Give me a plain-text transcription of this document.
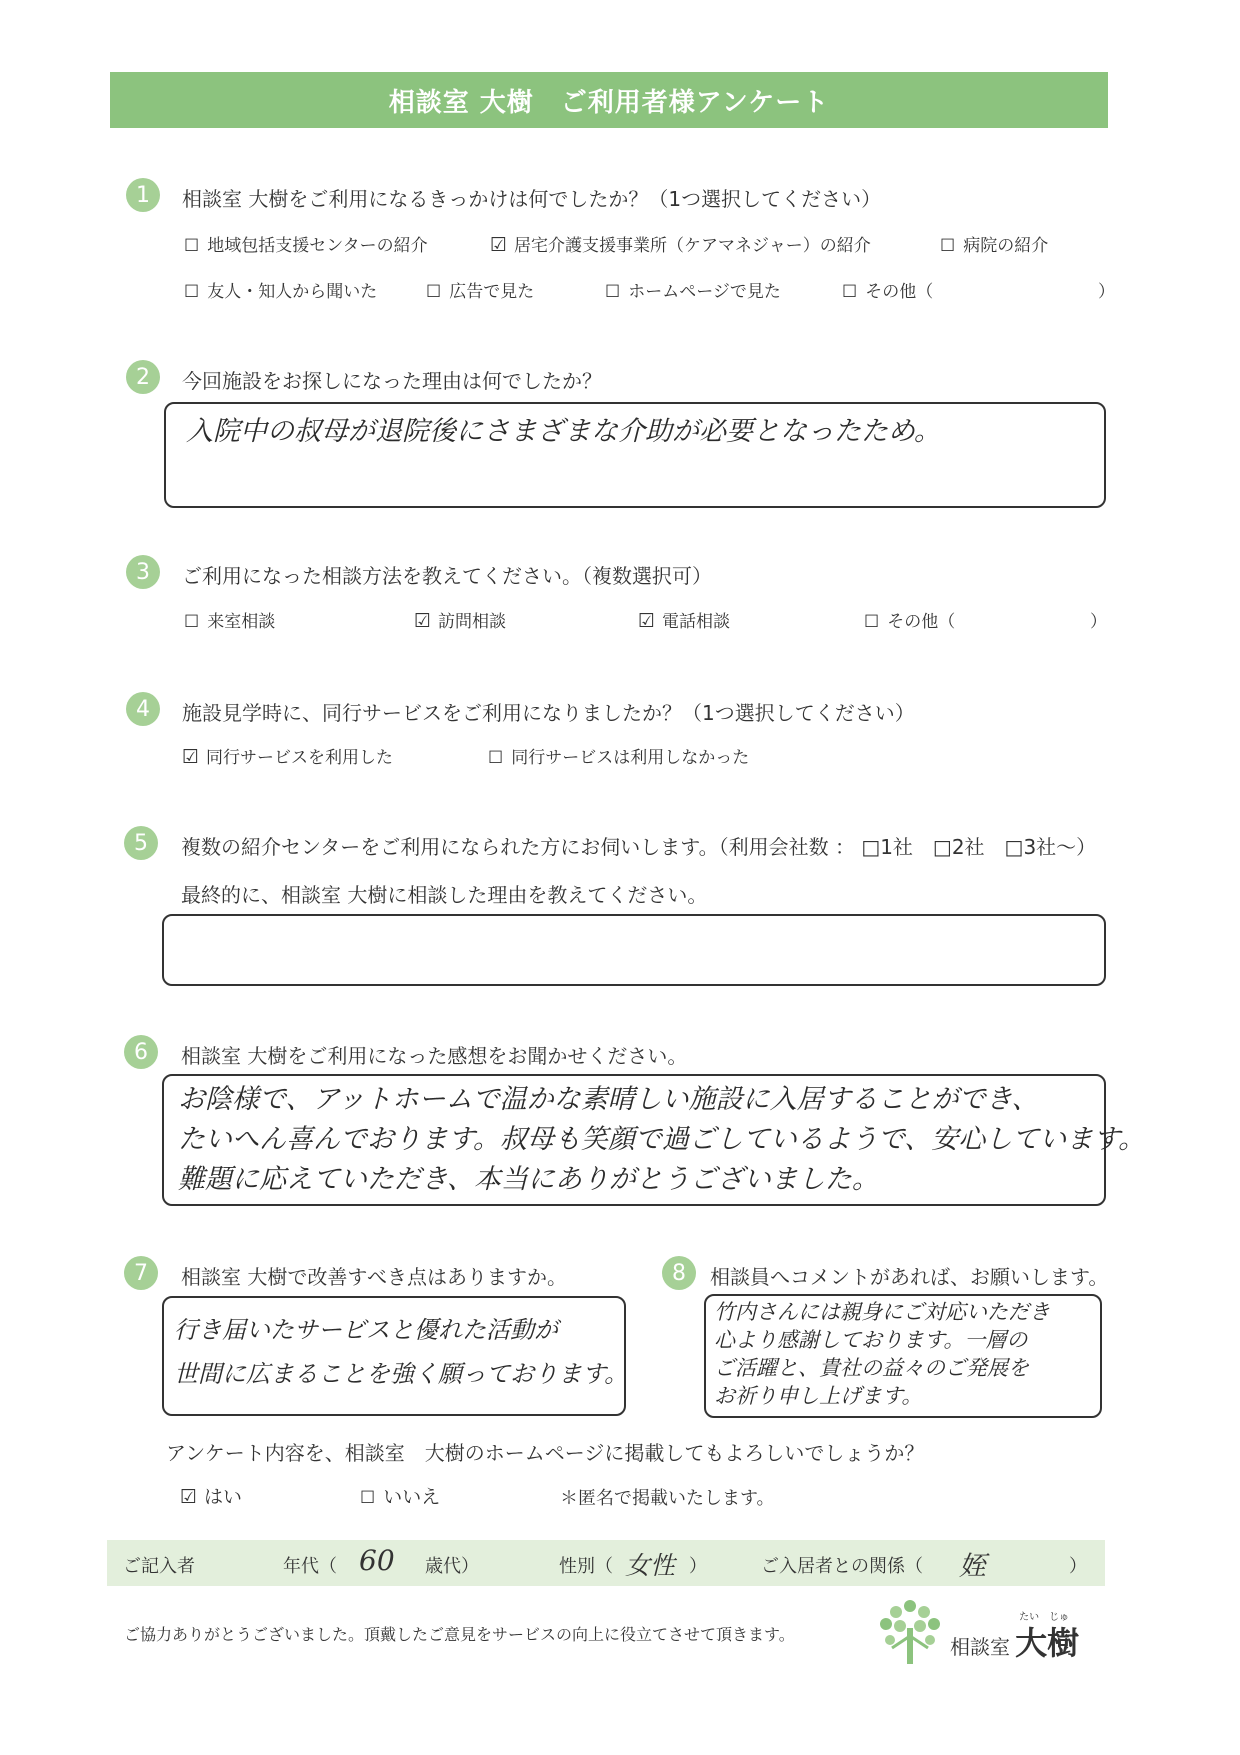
相談室 大樹　ご利用者様アンケート
1	相談室 大樹をご利用になるきっかけは何でしたか？（1つ選択してください）
☐ 地域包括支援センターの紹介	☑ 居宅介護支援事業所（ケアマネジャー）の紹介	☐ 病院の紹介
☐ 友人・知人から聞いた	☐ 広告で見た	☐ ホームページで見た	☐ その他（	）
2	今回施設をお探しになった理由は何でしたか？
入院中の叔母が退院後にさまざまな介助が必要となったため。
3	ご利用になった相談方法を教えてください。（複数選択可）
☐ 来室相談	☑ 訪問相談	☑ 電話相談	☐ その他（	）
4	施設見学時に、同行サービスをご利用になりましたか？（1つ選択してください）
☑ 同行サービスを利用した	☐ 同行サービスは利用しなかった
5	複数の紹介センターをご利用になられた方にお伺いします。（利用会社数 ： □1社　□2社　□3社～）
最終的に、相談室 大樹に相談した理由を教えてください。
6	相談室 大樹をご利用になった感想をお聞かせください。
お陰様で、アットホームで温かな素晴しい施設に入居することができ、
たいへん喜んでおります。叔母も笑顔で過ごしているようで、安心しています。
難題に応えていただき、本当にありがとうございました。
7	相談室 大樹で改善すべき点はありますか。
行き届いたサービスと優れた活動が
世間に広まることを強く願っております。
8	相談員へコメントがあれば、お願いします。
竹内さんには親身にご対応いただき
心より感謝しております。一層の
ご活躍と、貴社の益々のご発展を
お祈り申し上げます。
アンケート内容を、相談室　大樹のホームページに掲載してもよろしいでしょうか？
☑ はい	☐ いいえ	＊匿名で掲載いたします。
ご記入者	年代（ 60 歳代）	性別（ 女性 ）	ご入居者との関係（ 姪	）
ご協力ありがとうございました。頂戴したご意見をサービスの向上に役立てさせて頂きます。
相談室
たい　じゅ
大樹
